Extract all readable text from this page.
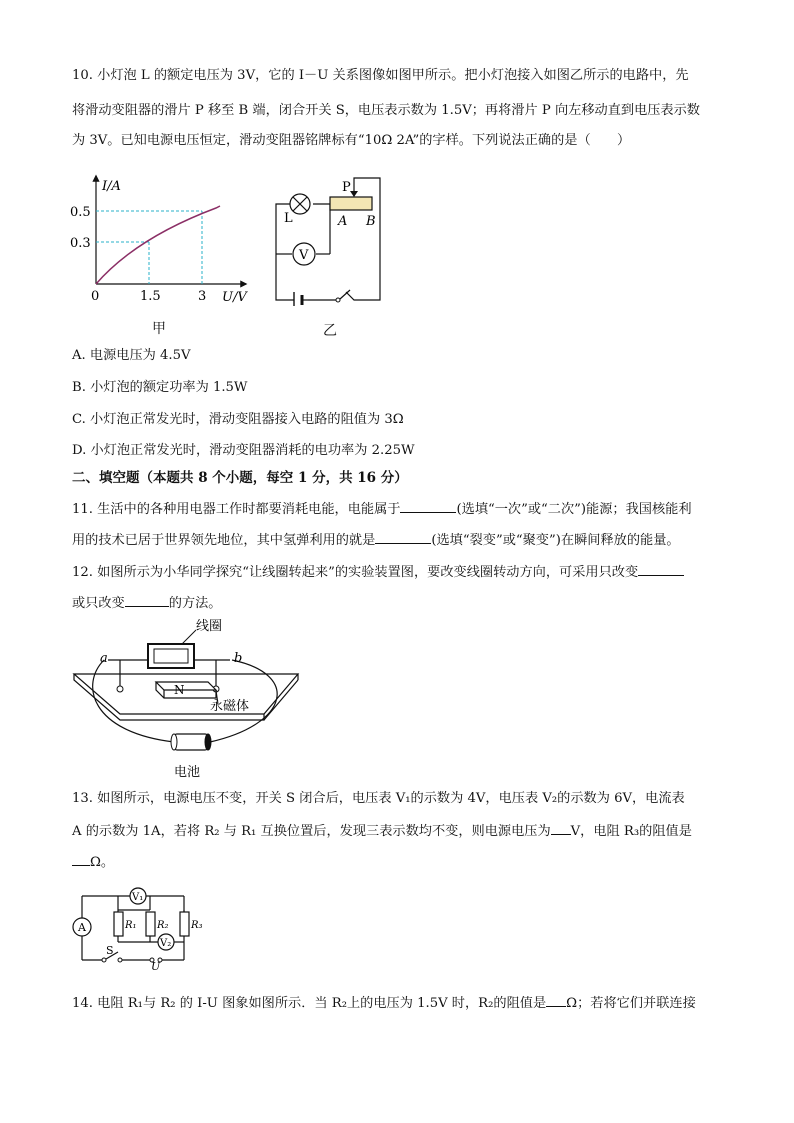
10. 小灯泡 L 的额定电压为 3V，它的 I－U 关系图像如图甲所示。把小灯泡接入如图乙所示的电路中，先
将滑动变阻器的滑片 P 移至 B 端，闭合开关 S，电压表示数为 1.5V；再将滑片 P 向左移动直到电压表示数
为 3V。已知电源电压恒定，滑动变阻器铭牌标有“10Ω 2A”的字样。下列说法正确的是（　　）
I/A
U/V
0
0.5
0.3
1.5	3
甲
V
L
P
A B
乙
A. 电源电压为 4.5V
B. 小灯泡的额定功率为 1.5W
C. 小灯泡正常发光时，滑动变阻器接入电路的阻值为 3Ω
D. 小灯泡正常发光时，滑动变阻器消耗的电功率为 2.25W
二、填空题（本题共 8 个小题，每空 1 分，共 16 分）
11. 生活中的各种用电器工作时都要消耗电能，电能属于	(选填“一次”或“二次”)能源；我国核能利
用的技术已居于世界领先地位，其中氢弹利用的就是	(选填“裂变”或“聚变”)在瞬间释放的能量。
12. 如图所示为小华同学探究“让线圈转起来”的实验装置图，要改变线圈转动方向，可采用只改变
或只改变	的方法。
线圈
a	b
N
永磁体
电池
13. 如图所示，电源电压不变，开关 S 闭合后，电压表 V₁的示数为 4V，电压表 V₂的示数为 6V，电流表
A 的示数为 1A，若将 R₂ 与 R₁ 互换位置后，发现三表示数均不变，则电源电压为 V，电阻 R₃的阻值是
Ω。
A
V₁
V₂
R₁ R₂ R₃
S
U
14. 电阻 R₁与 R₂ 的 I-U 图象如图所示．当 R₂上的电压为 1.5V 时，R₂的阻值是 Ω；若将它们并联连接
